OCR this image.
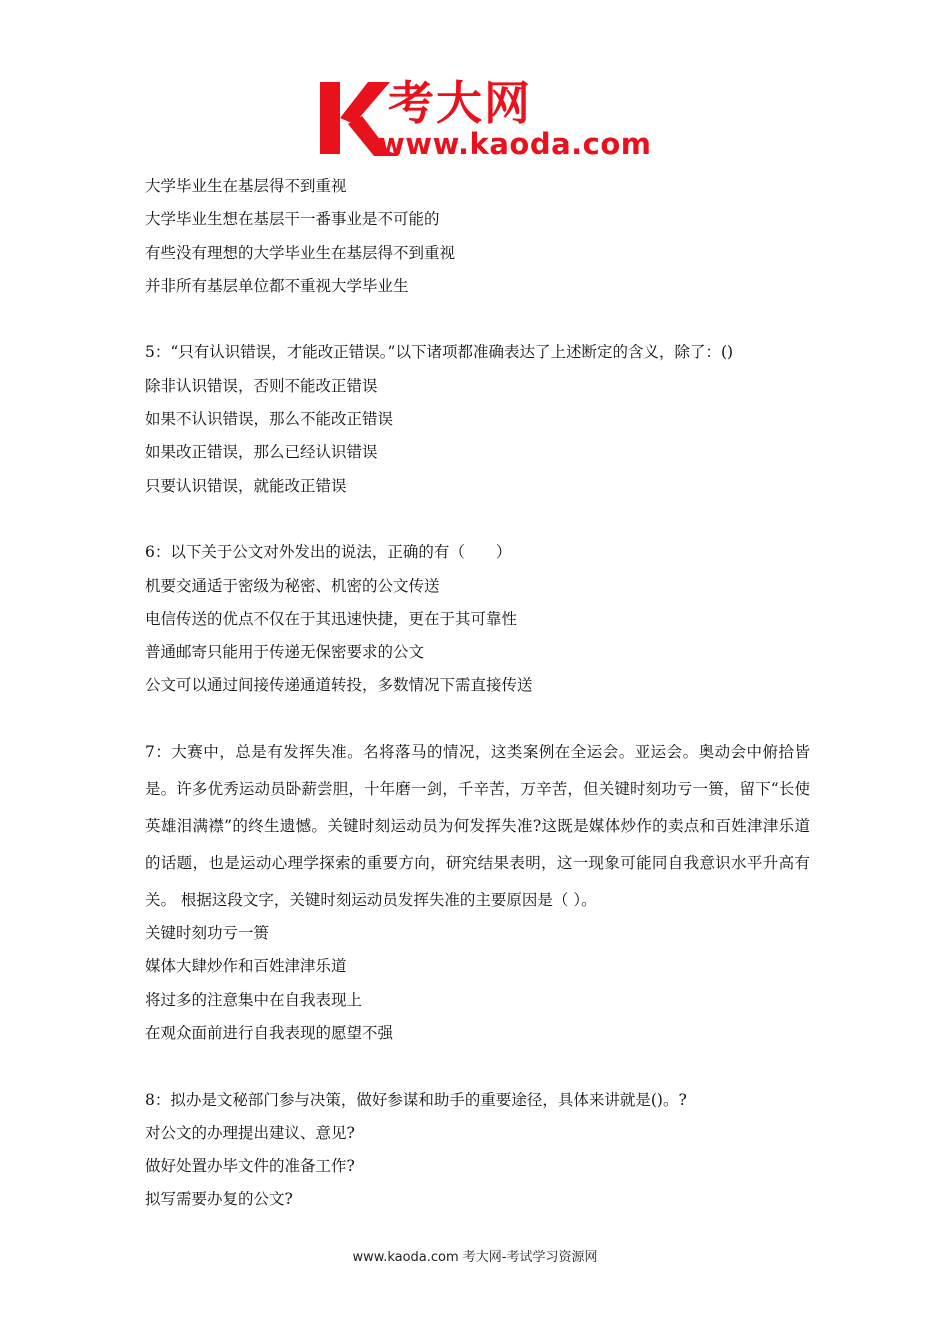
考大网
www.kaoda.com
大学毕业生在基层得不到重视
大学毕业生想在基层干一番事业是不可能的
有些没有理想的大学毕业生在基层得不到重视
并非所有基层单位都不重视大学毕业生
5：“只有认识错误，才能改正错误。”以下诸项都准确表达了上述断定的含义，除了：()
除非认识错误，否则不能改正错误
如果不认识错误，那么不能改正错误
如果改正错误，那么已经认识错误
只要认识错误，就能改正错误
6：以下关于公文对外发出的说法，正确的有（　　）
机要交通适于密级为秘密、机密的公文传送
电信传送的优点不仅在于其迅速快捷，更在于其可靠性
普通邮寄只能用于传递无保密要求的公文
公文可以通过间接传递通道转投，多数情况下需直接传送
7：大赛中，总是有发挥失准。名将落马的情况，这类案例在全运会。亚运会。奥动会中俯拾皆是。许多优秀运动员卧薪尝胆，十年磨一剑，千辛苦，万辛苦，但关键时刻功亏一篑，留下“长使英雄泪满襟”的终生遗憾。关键时刻运动员为何发挥失准?这既是媒体炒作的卖点和百姓津津乐道的话题，也是运动心理学探索的重要方向，研究结果表明，这一现象可能同自我意识水平升高有关。 根据这段文字，关键时刻运动员发挥失准的主要原因是（ ）。
关键时刻功亏一篑
媒体大肆炒作和百姓津津乐道
将过多的注意集中在自我表现上
在观众面前进行自我表现的愿望不强
8：拟办是文秘部门参与决策，做好参谋和助手的重要途径，具体来讲就是()。?
对公文的办理提出建议、意见?
做好处置办毕文件的准备工作?
拟写需要办复的公文?
www.kaoda.com 考大网-考试学习资源网
